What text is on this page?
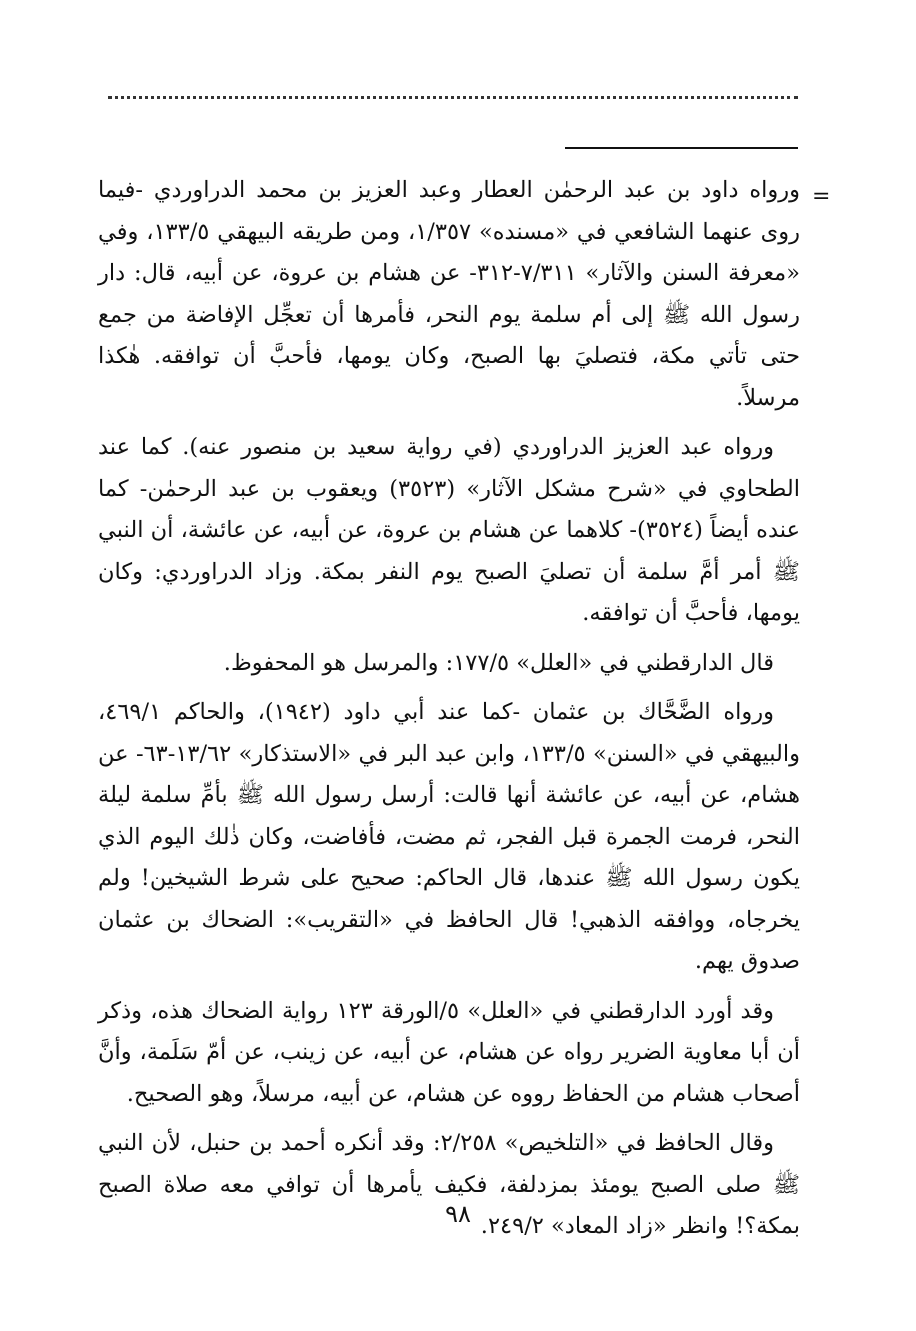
=

ورواه داود بن عبد الرحمٰن العطار وعبد العزيز بن محمد الدراوردي -فيما روى عنهما الشافعي في «مسنده» ١/٣٥٧، ومن طريقه البيهقي ١٣٣/٥، وفي «معرفة السنن والآثار» ٧/٣١١-٣١٢- عن هشام بن عروة، عن أبيه، قال: دار رسول الله ﷺ إلى أم سلمة يوم النحر، فأمرها أن تعجِّل الإفاضة من جمع حتى تأتي مكة، فتصليَ بها الصبح، وكان يومها، فأحبَّ أن توافقه. هٰكذا مرسلاً.

ورواه عبد العزيز الدراوردي (في رواية سعيد بن منصور عنه). كما عند الطحاوي في «شرح مشكل الآثار» (٣٥٢٣) ويعقوب بن عبد الرحمٰن- كما عنده أيضاً (٣٥٢٤)- كلاهما عن هشام بن عروة، عن أبيه، عن عائشة، أن النبي ﷺ أمر أمَّ سلمة أن تصليَ الصبح يوم النفر بمكة. وزاد الدراوردي: وكان يومها، فأحبَّ أن توافقه.

قال الدارقطني في «العلل» ١٧٧/٥: والمرسل هو المحفوظ.

ورواه الضَّحَّاك بن عثمان -كما عند أبي داود (١٩٤٢)، والحاكم ٤٦٩/١، والبيهقي في «السنن» ١٣٣/٥، وابن عبد البر في «الاستذكار» ١٣/٦٢-٦٣- عن هشام، عن أبيه، عن عائشة أنها قالت: أرسل رسول الله ﷺ بأمِّ سلمة ليلة النحر، فرمت الجمرة قبل الفجر، ثم مضت، فأفاضت، وكان ذٰلك اليوم الذي يكون رسول الله ﷺ عندها، قال الحاكم: صحيح على شرط الشيخين! ولم يخرجاه، ووافقه الذهبي! قال الحافظ في «التقريب»: الضحاك بن عثمان صدوق يهم.

وقد أورد الدارقطني في «العلل» ٥/الورقة ١٢٣ رواية الضحاك هذه، وذكر أن أبا معاوية الضرير رواه عن هشام، عن أبيه، عن زينب، عن أمّ سَلَمة، وأنَّ أصحاب هشام من الحفاظ رووه عن هشام، عن أبيه، مرسلاً، وهو الصحيح.

وقال الحافظ في «التلخيص» ٢/٢٥٨: وقد أنكره أحمد بن حنبل، لأن النبي ﷺ صلى الصبح يومئذ بمزدلفة، فكيف يأمرها أن توافي معه صلاة الصبح بمكة؟! وانظر «زاد المعاد» ٢٤٩/٢.

٩٨
